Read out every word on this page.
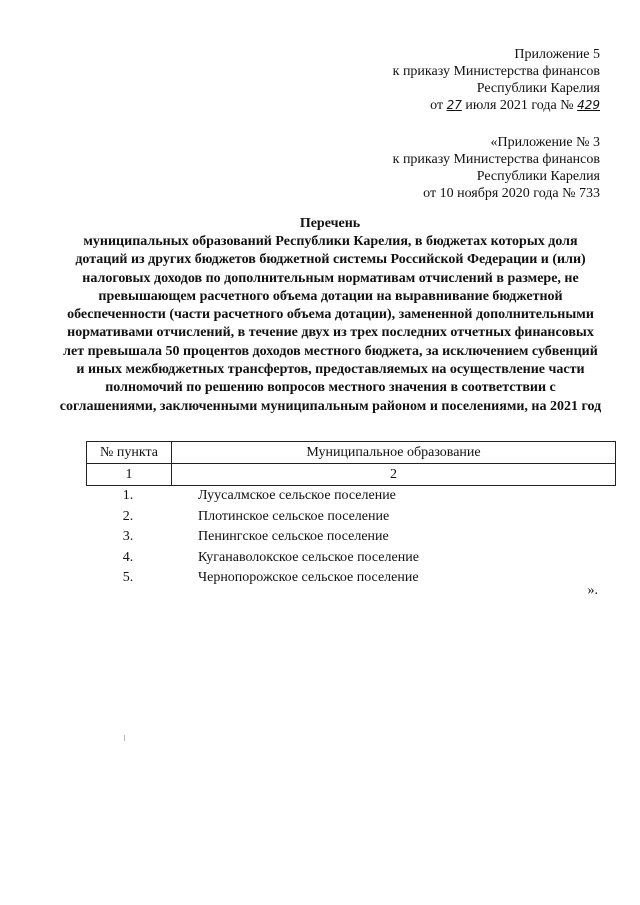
Приложение 5
к приказу Министерства финансов
Республики Карелия
от 27 июля 2021 года № 429
«Приложение № 3
к приказу Министерства финансов
Республики Карелия
от 10 ноября 2020 года № 733
Перечень
муниципальных образований Республики Карелия, в бюджетах которых доля дотаций из других бюджетов бюджетной системы Российской Федерации и (или) налоговых доходов по дополнительным нормативам отчислений в размере, не превышающем расчетного объема дотации на выравнивание бюджетной обеспеченности (части расчетного объема дотации), замененной дополнительными нормативами отчислений, в течение двух из трех последних отчетных финансовых лет превышала 50 процентов доходов местного бюджета, за исключением субвенций и иных межбюджетных трансфертов, предоставляемых на осуществление части полномочий по решению вопросов местного значения в соответствии с соглашениями, заключенными муниципальным районом и поселениями, на 2021 год
№ пункта	Муниципальное образование
1	2
1.	Луусалмское сельское поселение
2.	Плотинское сельское поселение
3.	Пенингское сельское поселение
4.	Куганаволокское сельское поселение
5.	Чернопорожское сельское поселение
».
